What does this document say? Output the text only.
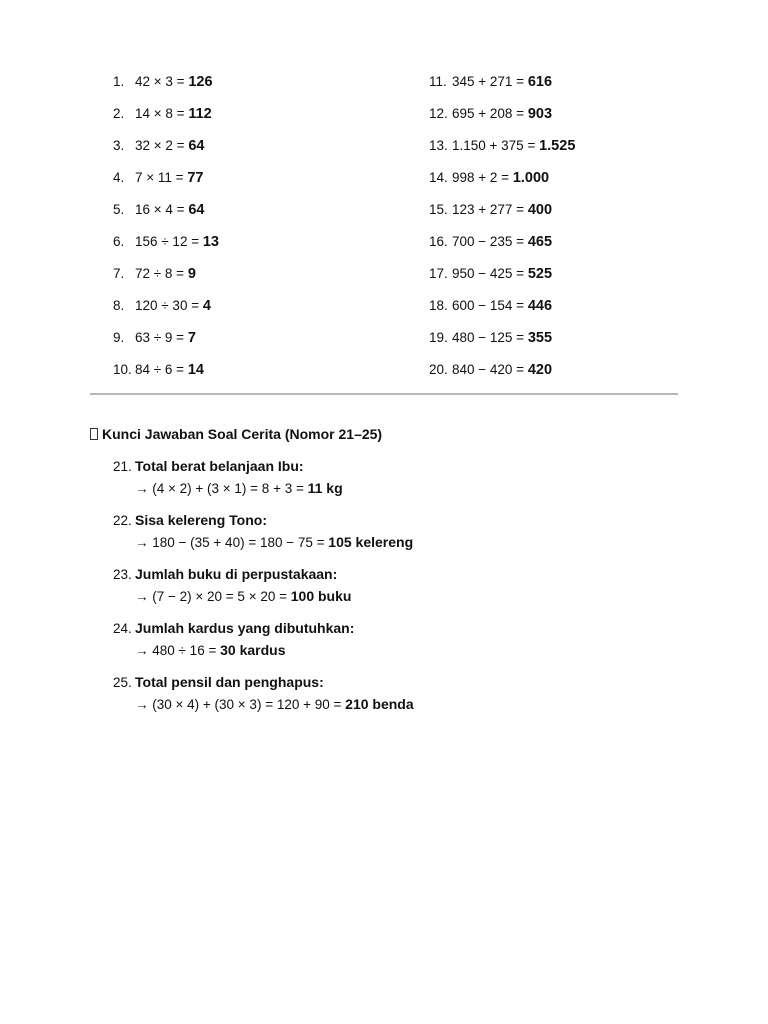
1. 42 × 3 = 126
2. 14 × 8 = 112
3. 32 × 2 = 64
4. 7 × 11 = 77
5. 16 × 4 = 64
6. 156 ÷ 12 = 13
7. 72 ÷ 8 = 9
8. 120 ÷ 30 = 4
9. 63 ÷ 9 = 7
10. 84 ÷ 6 = 14
11. 345 + 271 = 616
12. 695 + 208 = 903
13. 1.150 + 375 = 1.525
14. 998 + 2 = 1.000
15. 123 + 277 = 400
16. 700 − 235 = 465
17. 950 − 425 = 525
18. 600 − 154 = 446
19. 480 − 125 = 355
20. 840 − 420 = 420
Kunci Jawaban Soal Cerita (Nomor 21–25)
21. Total berat belanjaan Ibu:
→ (4 × 2) + (3 × 1) = 8 + 3 = 11 kg
22. Sisa kelereng Tono:
→ 180 − (35 + 40) = 180 − 75 = 105 kelereng
23. Jumlah buku di perpustakaan:
→ (7 − 2) × 20 = 5 × 20 = 100 buku
24. Jumlah kardus yang dibutuhkan:
→ 480 ÷ 16 = 30 kardus
25. Total pensil dan penghapus:
→ (30 × 4) + (30 × 3) = 120 + 90 = 210 benda
